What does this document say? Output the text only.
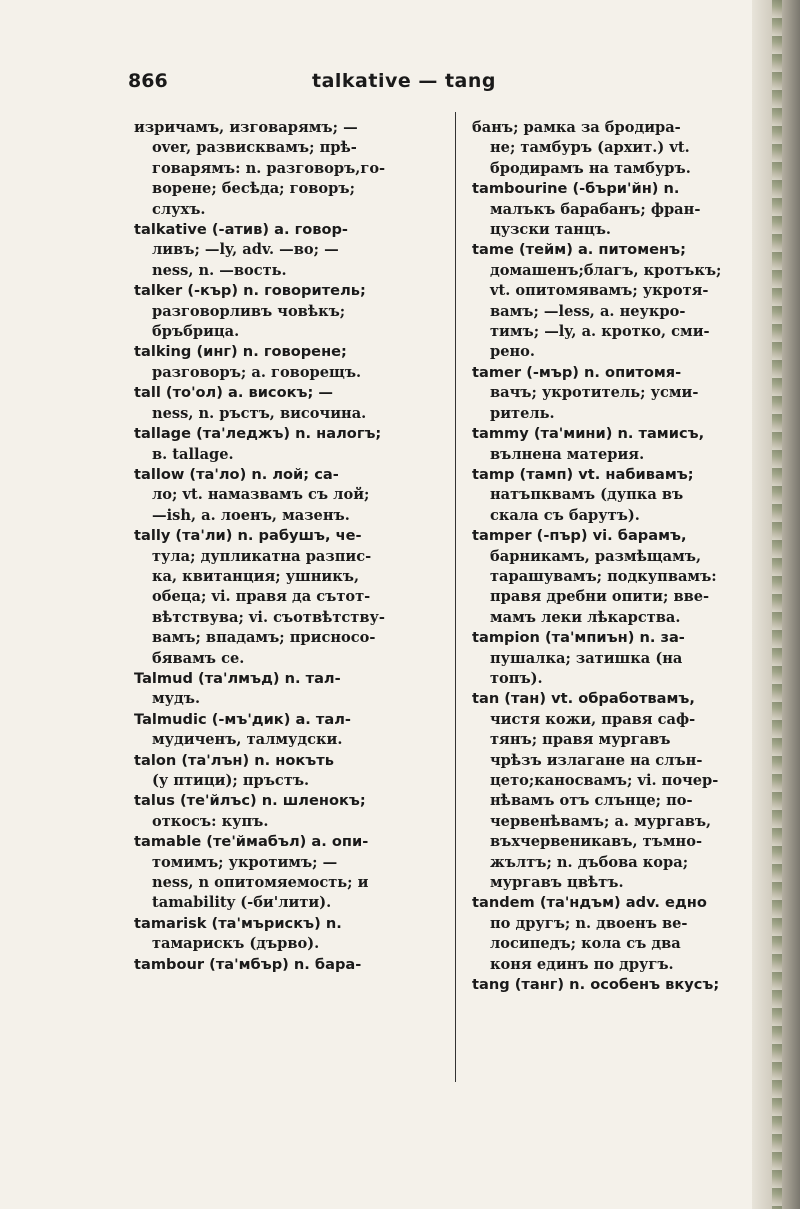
866	talkative — tang
изричамъ, изговарямъ; —
over, развисквамъ; прѣ-
говарямъ: n. разговоръ,го-
ворене; бесѣда; говоръ;
слухъ.
talkative (-атив) a. говор-
ливъ; —ly, adv. —во; —
ness, n. —вость.
talker (-кър) n. говоритель;
разговорливъ човѣкъ;
бръбрица.
talking (инг) n. говорене;
разговоръ; a. говорещъ.
tall (то'ол) a. високъ; —
ness, n. ръстъ, височина.
tallage (та'леджъ) n. налогъ;
в. tallage.
tallow (та'ло) n. лой; са-
ло; vt. намазвамъ съ лой;
—ish, a. лоенъ, мазенъ.
tally (та'ли) n. рабушъ, че-
тула; дупликатна разпис-
ка, квитанция; ушникъ,
обеца; vi. правя да сътот-
вѣтствува; vi. съотвѣтству-
вамъ; впадамъ; присносо-
бявамъ се.
Talmud (та'лмъд) n. тал-
мудъ.
Talmudic (-мъ'дик) a. тал-
мудиченъ, талмудски.
talon (та'лън) n. нокъть
(у птици); пръстъ.
talus (те'йлъс) n. шленокъ;
откосъ: купъ.
tamable (те'ймабъл) a. опи-
томимъ; укротимъ; —
ness, n опитомяемость; и
tamability (-би'лити).
tamarisk (та'мърискъ) n.
тамарискъ (дърво).
tambour (та'мбър) n. бара-
банъ; рамка за бродира-
не; тамбуръ (архит.) vt.
бродирамъ на тамбуръ.
tambourine (-бъри'йн) n.
малъкъ барабанъ; фран-
цузски танцъ.
tame (тейм) a. питоменъ;
домашенъ;благъ, кротъкъ;
vt. опитомявамъ; укротя-
вамъ; —less, a. неукро-
тимъ; —ly, a. кротко, сми-
рено.
tamer (-мър) n. опитомя-
вачъ; укротитель; усми-
ритель.
tammy (та'мини) n. тамисъ,
вълнена материя.
tamp (тамп) vt. набивамъ;
натъпквамъ (дупка въ
скала съ барутъ).
tamper (-пър) vi. барамъ,
барникамъ, размѣщамъ,
тарашувамъ; подкупвамъ:
правя дребни опити; вве-
мамъ леки лѣкарства.
tampion (та'мпиън) n. за-
пушалка; затишка (на
топъ).
tan (тан) vt. обработвамъ,
чистя кожи, правя саф-
тянъ; правя мургавъ
чрѣзъ излагане на слън-
цето;каносвамъ; vi. почер-
нѣвамъ отъ слънце; по-
червенѣвамъ; a. мургавъ,
въхчервеникавъ, тъмно-
жълтъ; n. дъбова кора;
мургавъ цвѣтъ.
tandem (та'ндъм) adv. едно
по другъ; n. двоенъ ве-
лосипедъ; кола съ два
коня единъ по другъ.
tang (танг) n. особенъ вкусъ;
